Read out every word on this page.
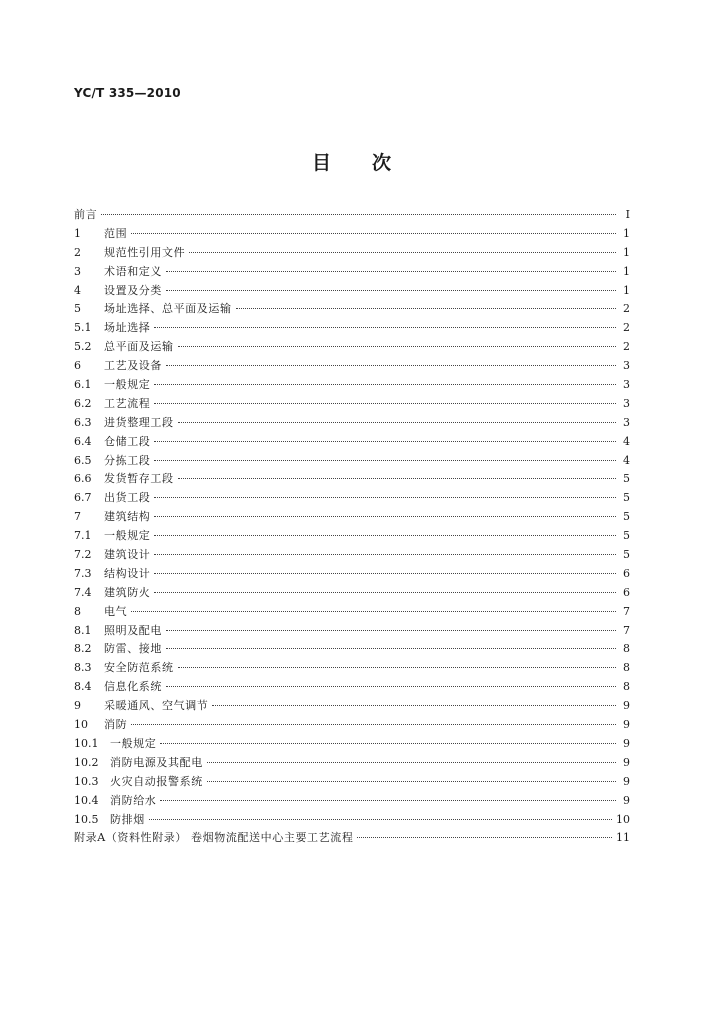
YC/T 335—2010
目 次
前言	Ⅰ
1	范围	1
2	规范性引用文件	1
3	术语和定义	1
4	设置及分类	1
5	场址选择、总平面及运输	2
5.1	场址选择	2
5.2	总平面及运输	2
6	工艺及设备	3
6.1	一般规定	3
6.2	工艺流程	3
6.3	进货整理工段	3
6.4	仓储工段	4
6.5	分拣工段	4
6.6	发货暂存工段	5
6.7	出货工段	5
7	建筑结构	5
7.1	一般规定	5
7.2	建筑设计	5
7.3	结构设计	6
7.4	建筑防火	6
8	电气	7
8.1	照明及配电	7
8.2	防雷、接地	8
8.3	安全防范系统	8
8.4	信息化系统	8
9	采暖通风、空气调节	9
10	消防	9
10.1	一般规定	9
10.2	消防电源及其配电	9
10.3	火灾自动报警系统	9
10.4	消防给水	9
10.5	防排烟	10
附录A（资料性附录） 卷烟物流配送中心主要工艺流程	11
